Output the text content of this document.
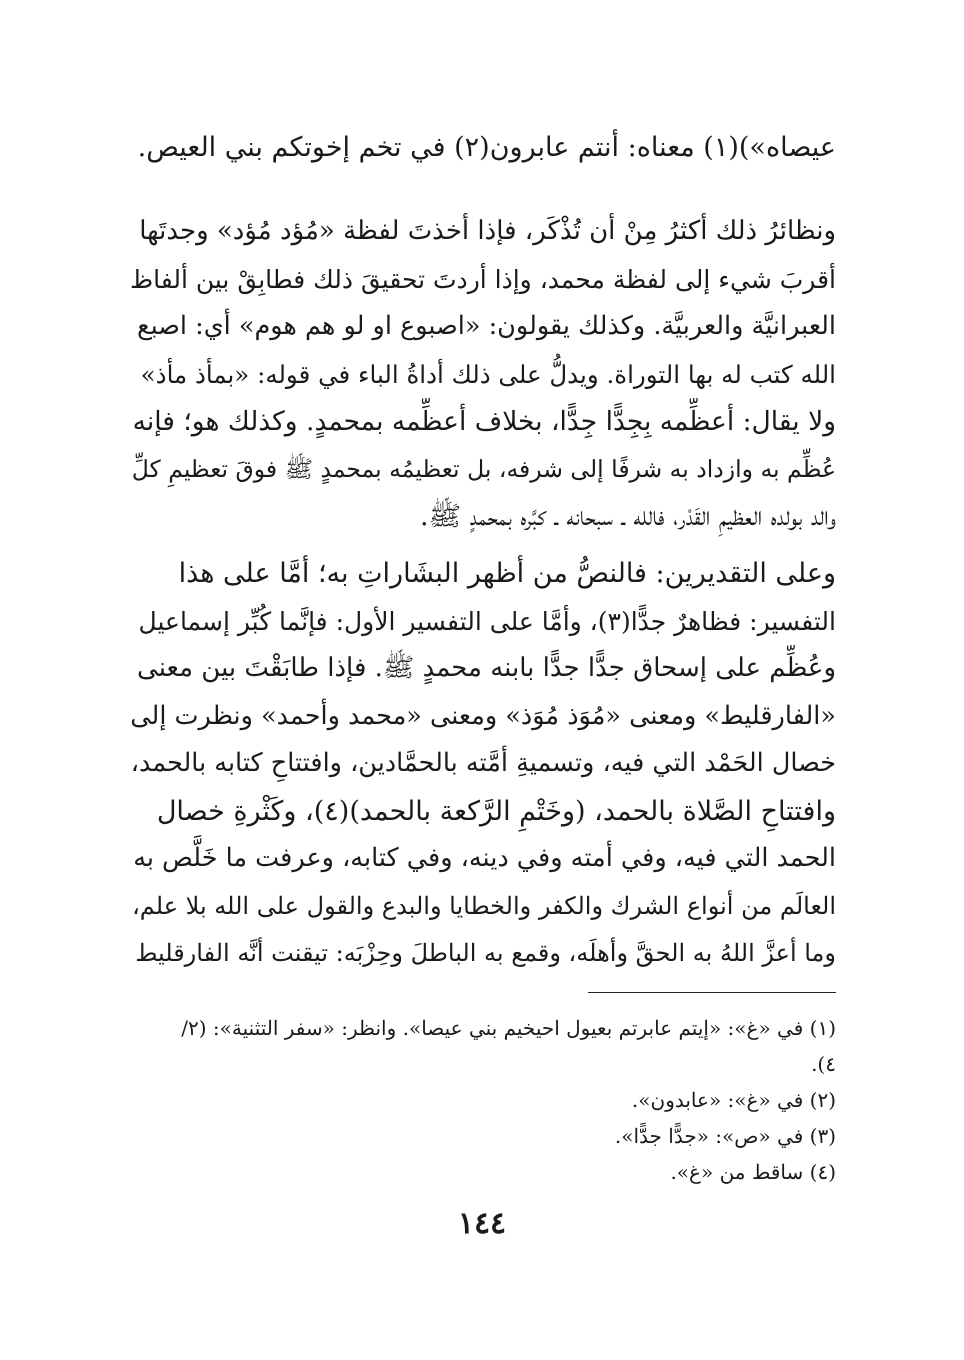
عيصاه»)(١) معناه: أنتم عابرون(٢) في تخم إخوتكم بني العيص.
ونظائرُ ذلك أكثرُ مِنْ أن تُذْكَر، فإذا أخذتَ لفظة «مُؤد مُؤد» وجدتَها
أقربَ شيء إلى لفظة محمد، وإذا أردتَ تحقيقَ ذلك فطابِقْ بين ألفاظ
العبرانيَّة والعربيَّة. وكذلك يقولون: «اصبوع او لو هم هوم» أي: اصبع
الله كتب له بها التوراة. ويدلُّ على ذلك أداةُ الباء في قوله: «بمأذ مأذ»
ولا يقال: أعظِّمه بِجِدًّا جِدًّا، بخلاف أعظِّمه بمحمدٍ. وكذلك هو؛ فإنه
عُظِّم به وازداد به شرفًا إلى شرفه، بل تعظيمُه بمحمدٍ ﷺ فوقَ تعظيمِ كلِّ
والد بولده العظيمِ القَدْر، فالله ـ سبحانه ـ كبَّره بمحمدٍ ﷺ.
وعلى التقديرين: فالنصُّ من أظهر البشَاراتِ به؛ أمَّا على هذا
التفسير: فظاهرٌ جدًّا(٣)، وأمَّا على التفسير الأول: فإنَّما كُبِّر إسماعيل
وعُظِّم على إسحاق جدًّا جدًّا بابنه محمدٍ ﷺ. فإذا طابَقْتَ بين معنى
«الفارقليط» ومعنى «مُوَذ مُوَذ» ومعنى «محمد وأحمد» ونظرت إلى
خصال الحَمْد التي فيه، وتسميةِ أمَّته بالحمَّادين، وافتتاحِ كتابه بالحمد،
وافتتاحِ الصَّلاة بالحمد، (وخَتْمِ الرَّكعة بالحمد)(٤)، وكَثْرةِ خصال
الحمد التي فيه، وفي أمته وفي دينه، وفي كتابه، وعرفت ما خَلَّص به
العالَم من أنواع الشرك والكفر والخطايا والبدع والقول على الله بلا علم،
وما أعزَّ اللهُ به الحقَّ وأهلَه، وقمع به الباطلَ وحِزْبَه: تيقنت أنَّه الفارقليط
(١) في «غ»: «إيتم عابرتم بعيول احيخيم بني عيصا». وانظر: «سفر التثنية»: (٢/
٤).
(٢) في «غ»: «عابدون».
(٣) في «ص»: «جدًّا جدًّا».
(٤) ساقط من «غ».
١٤٤
